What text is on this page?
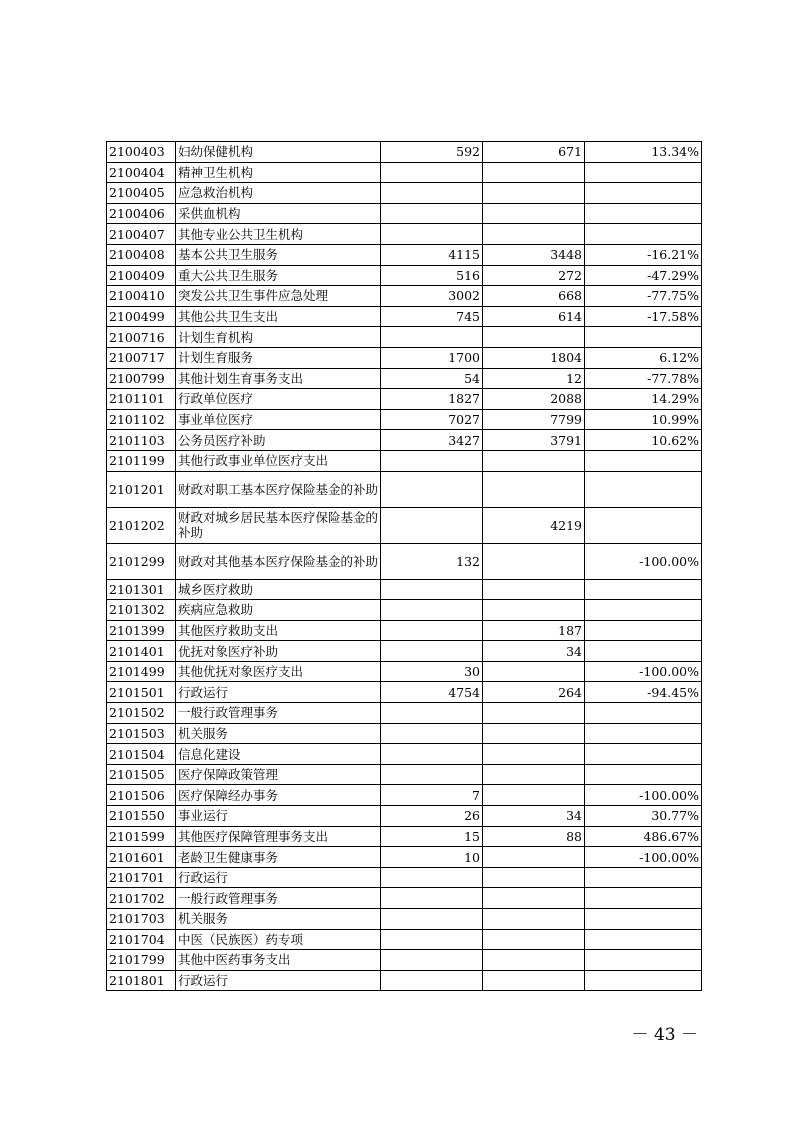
2100403	妇幼保健机构	592	671	13.34%
2100404	精神卫生机构			
2100405	应急救治机构			
2100406	采供血机构			
2100407	其他专业公共卫生机构			
2100408	基本公共卫生服务	4115	3448	-16.21%
2100409	重大公共卫生服务	516	272	-47.29%
2100410	突发公共卫生事件应急处理	3002	668	-77.75%
2100499	其他公共卫生支出	745	614	-17.58%
2100716	计划生育机构			
2100717	计划生育服务	1700	1804	6.12%
2100799	其他计划生育事务支出	54	12	-77.78%
2101101	行政单位医疗	1827	2088	14.29%
2101102	事业单位医疗	7027	7799	10.99%
2101103	公务员医疗补助	3427	3791	10.62%
2101199	其他行政事业单位医疗支出			
2101201	财政对职工基本医疗保险基金的补助			
2101202	财政对城乡居民基本医疗保险基金的补助		4219	
2101299	财政对其他基本医疗保险基金的补助	132		-100.00%
2101301	城乡医疗救助			
2101302	疾病应急救助			
2101399	其他医疗救助支出		187	
2101401	优抚对象医疗补助		34	
2101499	其他优抚对象医疗支出	30		-100.00%
2101501	行政运行	4754	264	-94.45%
2101502	一般行政管理事务			
2101503	机关服务			
2101504	信息化建设			
2101505	医疗保障政策管理			
2101506	医疗保障经办事务	7		-100.00%
2101550	事业运行	26	34	30.77%
2101599	其他医疗保障管理事务支出	15	88	486.67%
2101601	老龄卫生健康事务	10		-100.00%
2101701	行政运行			
2101702	一般行政管理事务			
2101703	机关服务			
2101704	中医（民族医）药专项			
2101799	其他中医药事务支出			
2101801	行政运行			
－ 43 －
